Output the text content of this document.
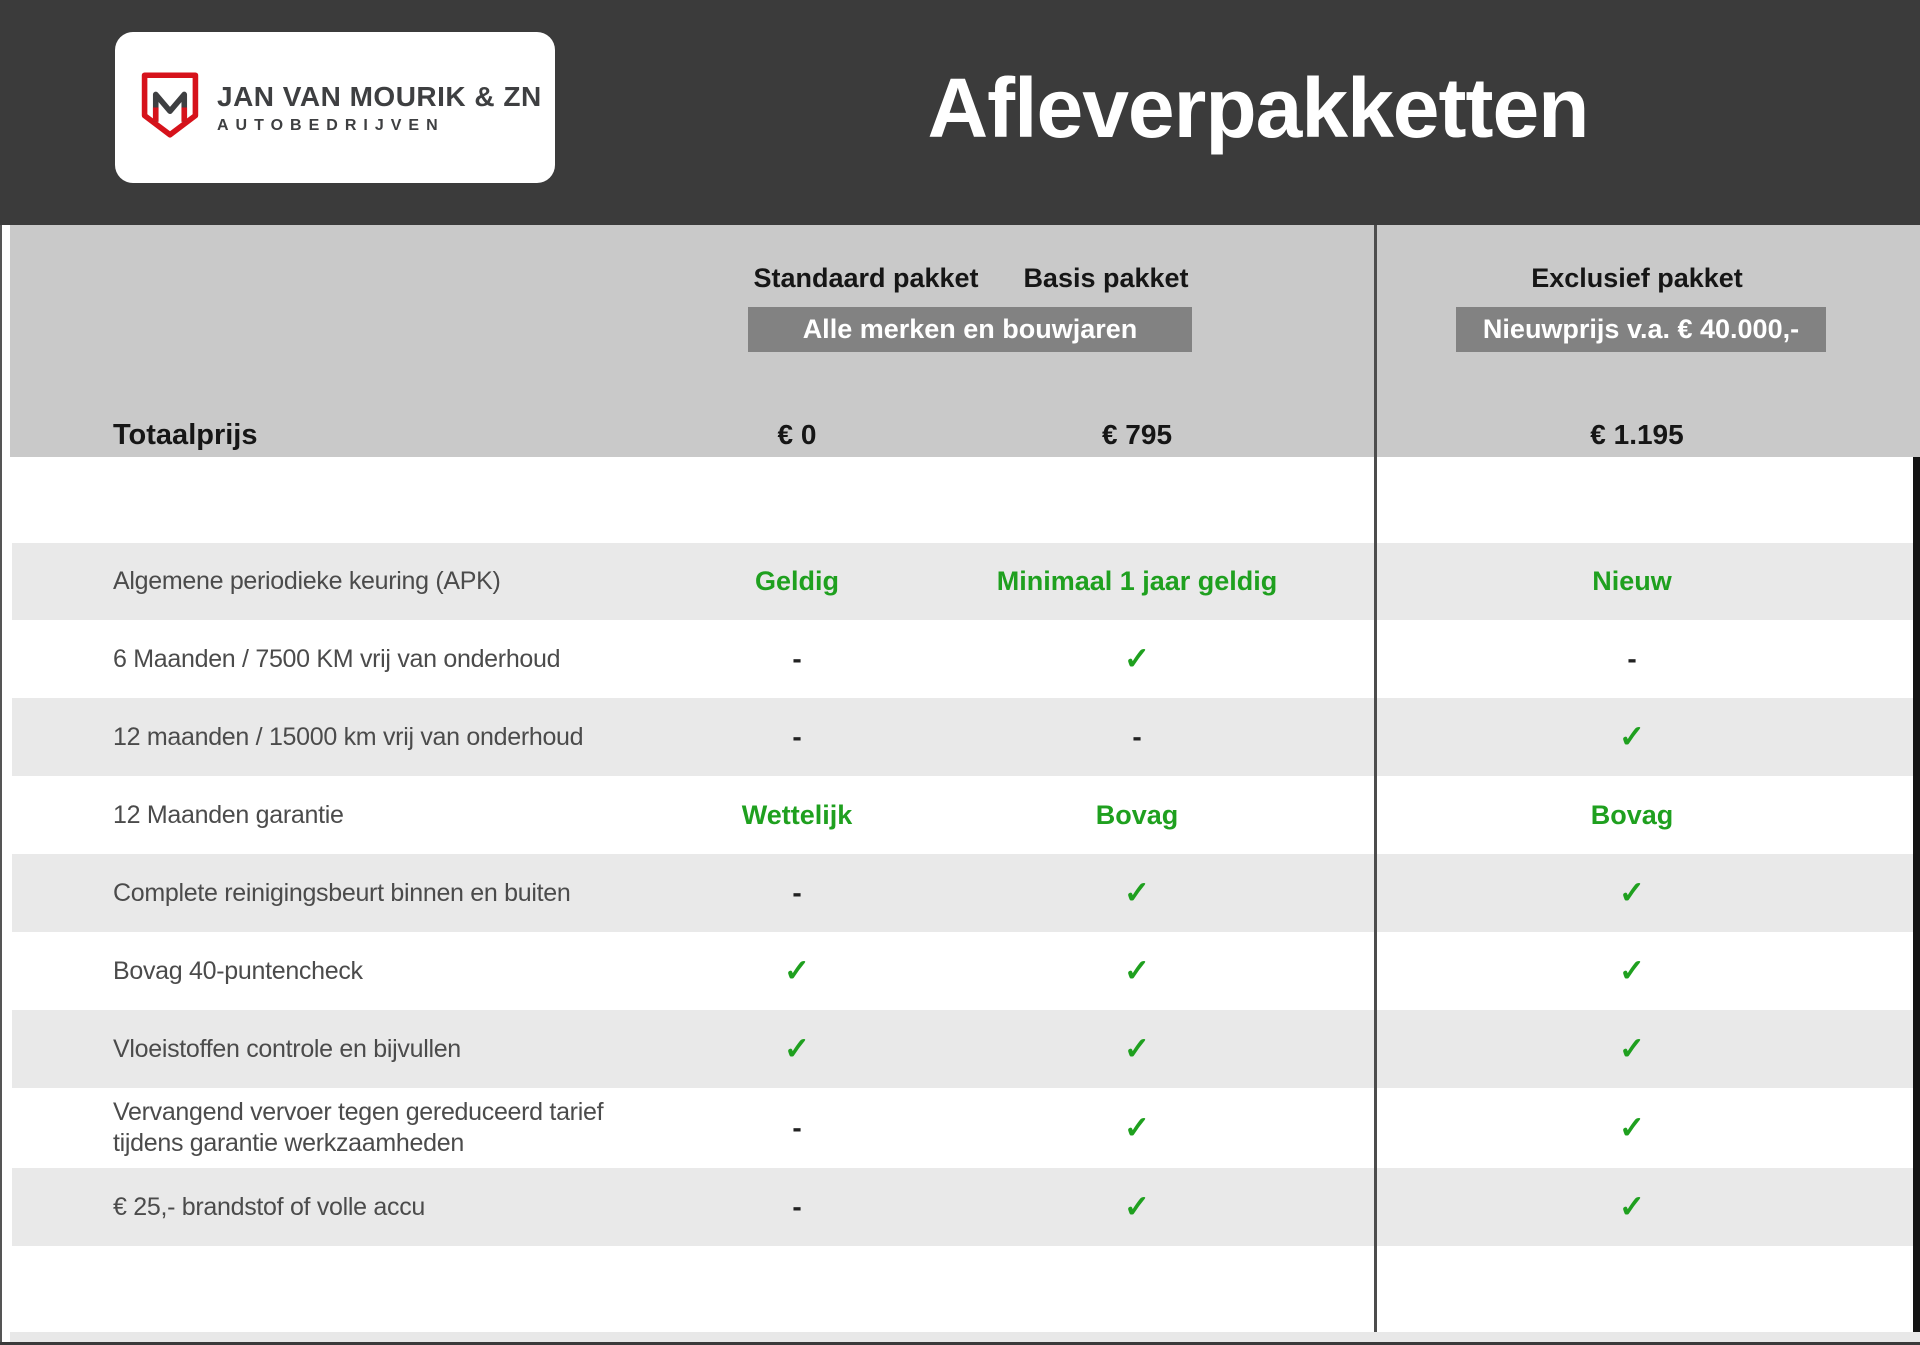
JAN VAN MOURIK & ZN
AUTOBEDRIJVEN	Afleverpakketten
Standaard pakket	Basis pakket	Exclusief pakket
Alle merken en bouwjaren	Nieuwprijs v.a. € 40.000,-
Totaalprijs	€ 0	€ 795	€ 1.195
Algemene periodieke keuring (APK)	Geldig	Minimaal 1 jaar geldig	Nieuw
6 Maanden / 7500 KM vrij van onderhoud	-	✓	-
12 maanden / 15000 km vrij van onderhoud	-	-	✓
12 Maanden garantie	Wettelijk	Bovag	Bovag
Complete reinigingsbeurt binnen en buiten	-	✓	✓
Bovag 40-puntencheck	✓	✓	✓
Vloeistoffen controle en bijvullen	✓	✓	✓
Vervangend vervoer tegen gereduceerd tarief
tijdens garantie werkzaamheden	-	✓	✓
€ 25,- brandstof of volle accu	-	✓	✓
